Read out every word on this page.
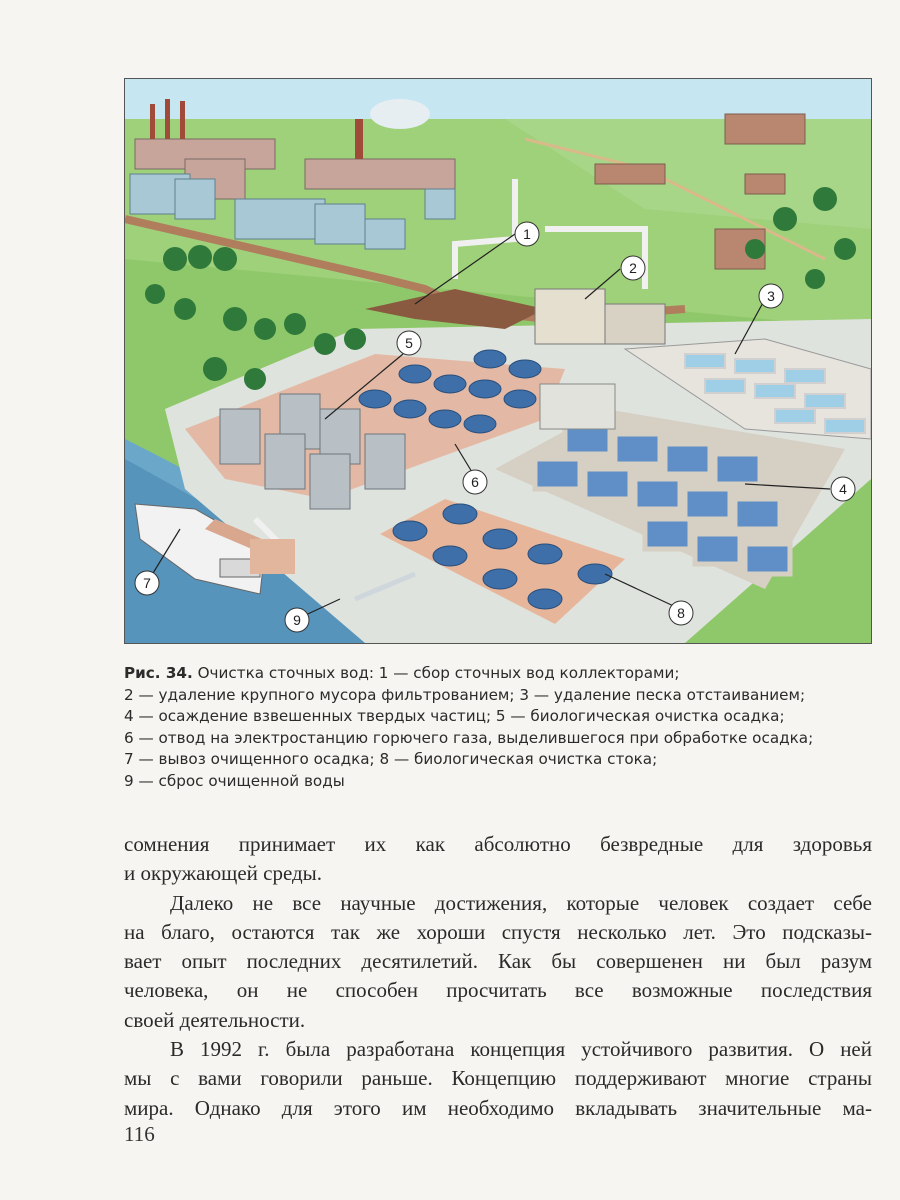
1
2
3
4
5
6
7
8
9
Рис. 34. Очистка сточных вод: 1 — сбор сточных вод коллекторами;
2 — удаление крупного мусора фильтрованием; 3 — удаление песка отстаиванием;
4 — осаждение взвешенных твердых частиц; 5 — биологическая очистка осадка;
6 — отвод на электростанцию горючего газа, выделившегося при обработке осадка;
7 — вывоз очищенного осадка; 8 — биологическая очистка стока;
9 — сброс очищенной воды
сомнения принимает их как абсолютно безвредные для здоровья
и окружающей среды.
Далеко не все научные достижения, которые человек создает себе
на благо, остаются так же хороши спустя несколько лет. Это подсказы-
вает опыт последних десятилетий. Как бы совершенен ни был разум
человека, он не способен просчитать все возможные последствия
своей деятельности.
В 1992 г. была разработана концепция устойчивого развития. О ней
мы с вами говорили раньше. Концепцию поддерживают многие страны
мира. Однако для этого им необходимо вкладывать значительные ма-
116
